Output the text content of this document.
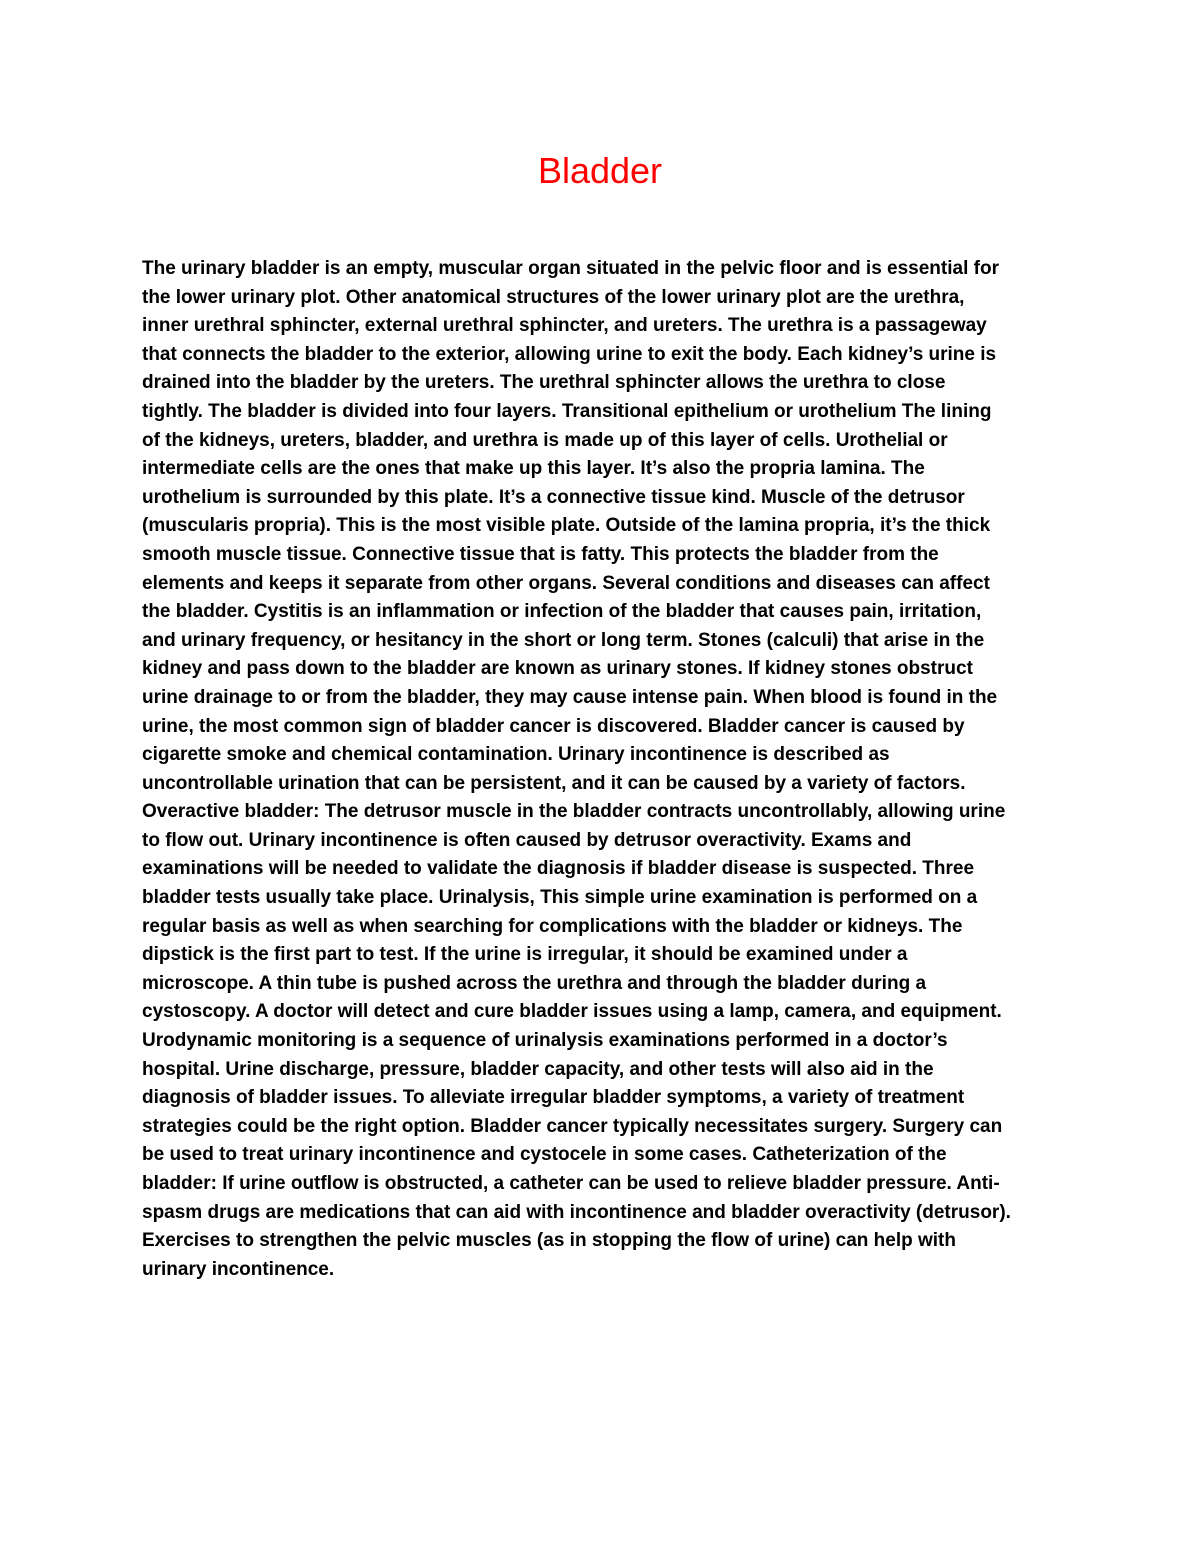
Bladder
The urinary bladder is an empty, muscular organ situated in the pelvic floor and is essential for
the lower urinary plot. Other anatomical structures of the lower urinary plot are the urethra,
inner urethral sphincter, external urethral sphincter, and ureters. The urethra is a passageway
that connects the bladder to the exterior, allowing urine to exit the body. Each kidney’s urine is
drained into the bladder by the ureters. The urethral sphincter allows the urethra to close
tightly. The bladder is divided into four layers. Transitional epithelium or urothelium The lining
of the kidneys, ureters, bladder, and urethra is made up of this layer of cells. Urothelial or
intermediate cells are the ones that make up this layer. It’s also the propria lamina. The
urothelium is surrounded by this plate. It’s a connective tissue kind. Muscle of the detrusor
(muscularis propria). This is the most visible plate. Outside of the lamina propria, it’s the thick
smooth muscle tissue. Connective tissue that is fatty. This protects the bladder from the
elements and keeps it separate from other organs. Several conditions and diseases can affect
the bladder. Cystitis is an inflammation or infection of the bladder that causes pain, irritation,
and urinary frequency, or hesitancy in the short or long term. Stones (calculi) that arise in the
kidney and pass down to the bladder are known as urinary stones. If kidney stones obstruct
urine drainage to or from the bladder, they may cause intense pain. When blood is found in the
urine, the most common sign of bladder cancer is discovered. Bladder cancer is caused by
cigarette smoke and chemical contamination. Urinary incontinence is described as
uncontrollable urination that can be persistent, and it can be caused by a variety of factors.
Overactive bladder: The detrusor muscle in the bladder contracts uncontrollably, allowing urine
to flow out. Urinary incontinence is often caused by detrusor overactivity. Exams and
examinations will be needed to validate the diagnosis if bladder disease is suspected. Three
bladder tests usually take place. Urinalysis, This simple urine examination is performed on a
regular basis as well as when searching for complications with the bladder or kidneys. The
dipstick is the first part to test. If the urine is irregular, it should be examined under a
microscope. A thin tube is pushed across the urethra and through the bladder during a
cystoscopy. A doctor will detect and cure bladder issues using a lamp, camera, and equipment.
Urodynamic monitoring is a sequence of urinalysis examinations performed in a doctor’s
hospital. Urine discharge, pressure, bladder capacity, and other tests will also aid in the
diagnosis of bladder issues. To alleviate irregular bladder symptoms, a variety of treatment
strategies could be the right option. Bladder cancer typically necessitates surgery. Surgery can
be used to treat urinary incontinence and cystocele in some cases. Catheterization of the
bladder: If urine outflow is obstructed, a catheter can be used to relieve bladder pressure. Anti-
spasm drugs are medications that can aid with incontinence and bladder overactivity (detrusor).
Exercises to strengthen the pelvic muscles (as in stopping the flow of urine) can help with
urinary incontinence.
